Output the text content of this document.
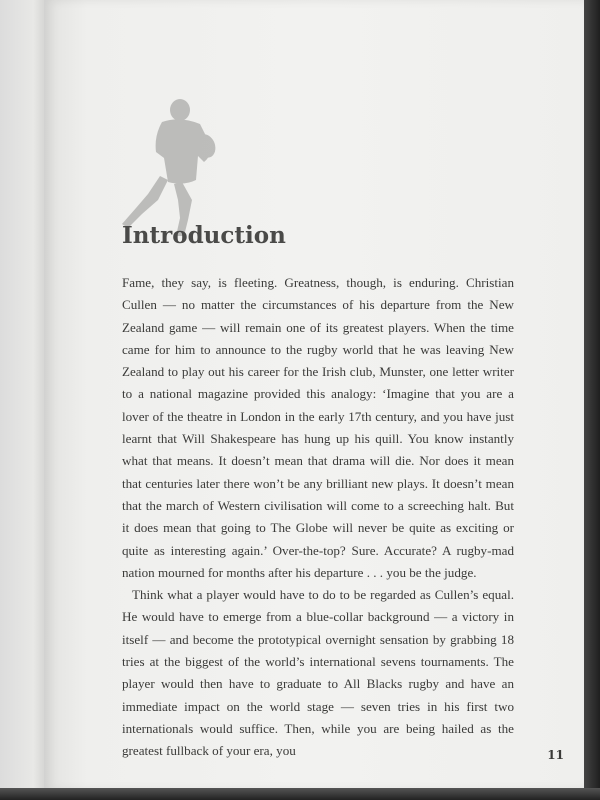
Introduction

Fame, they say, is fleeting. Greatness, though, is enduring. Christian Cullen — no matter the circumstances of his departure from the New Zealand game — will remain one of its greatest players. When the time came for him to announce to the rugby world that he was leaving New Zealand to play out his career for the Irish club, Munster, one letter writer to a national magazine provided this analogy: ‘Imagine that you are a lover of the theatre in London in the early 17th century, and you have just learnt that Will Shakespeare has hung up his quill. You know instantly what that means. It doesn’t mean that drama will die. Nor does it mean that centuries later there won’t be any brilliant new plays. It doesn’t mean that the march of Western civilisation will come to a screeching halt. But it does mean that going to The Globe will never be quite as exciting or quite as interesting again.’ Over-the-top? Sure. Accurate? A rugby-mad nation mourned for months after his departure . . . you be the judge.

Think what a player would have to do to be regarded as Cullen’s equal. He would have to emerge from a blue-collar background — a victory in itself — and become the prototypical overnight sensation by grabbing 18 tries at the biggest of the world’s international sevens tournaments. The player would then have to graduate to All Blacks rugby and have an immediate impact on the world stage — seven tries in his first two internationals would suffice. Then, while you are being hailed as the greatest fullback of your era, you	11
